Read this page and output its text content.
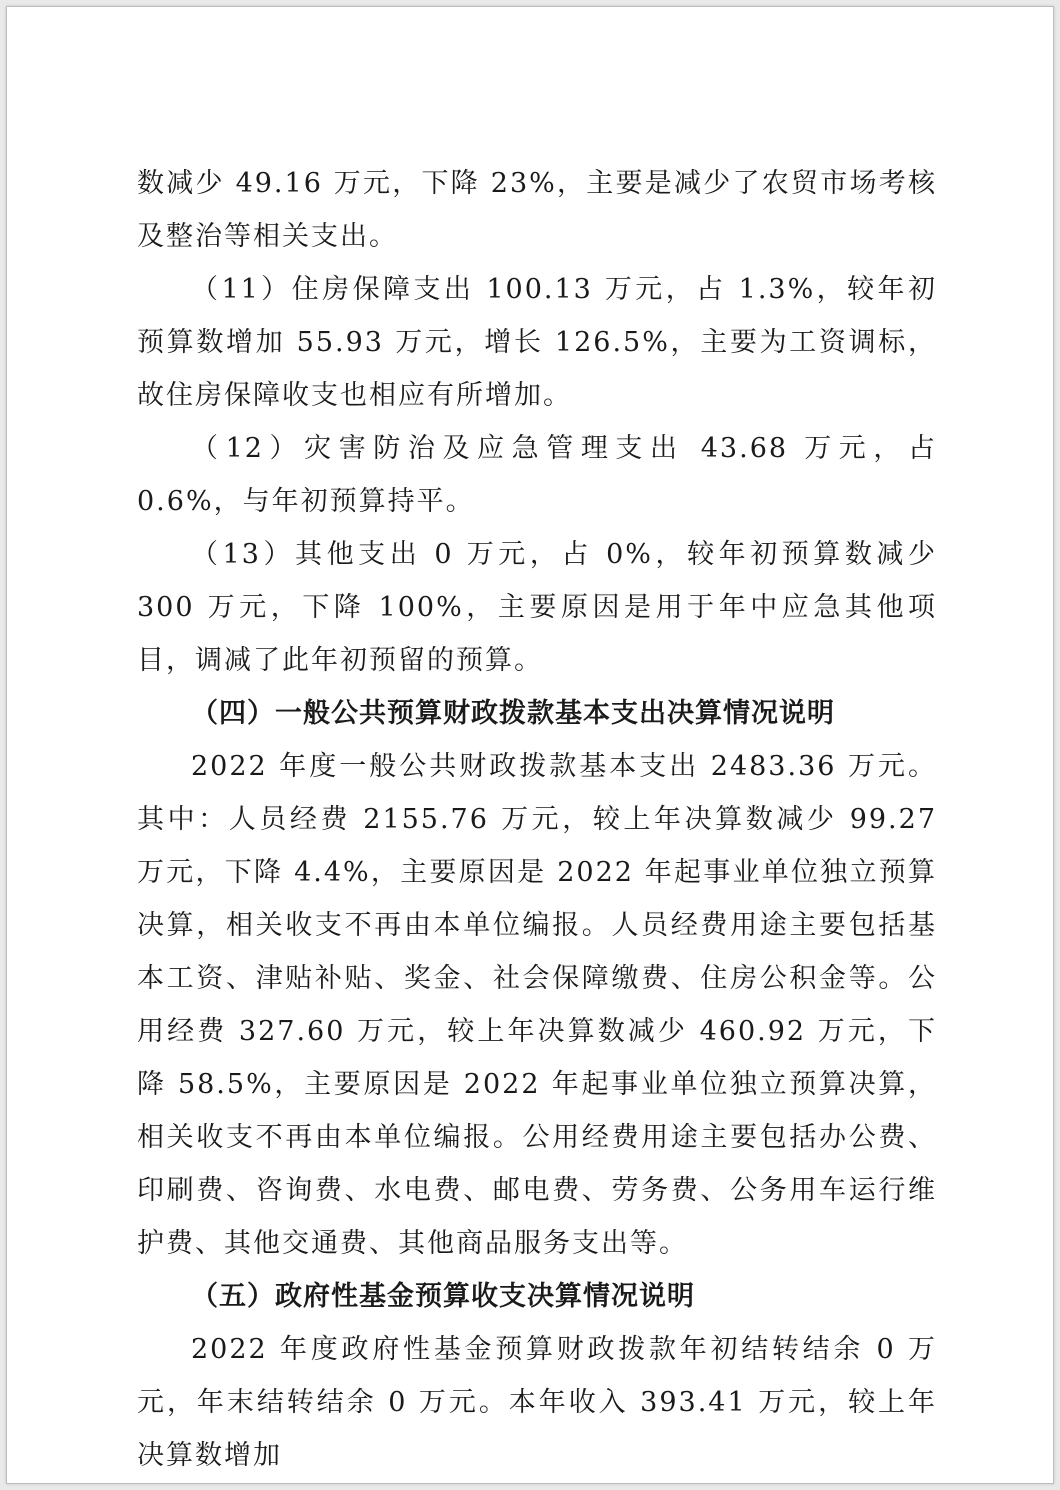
数减少 49.16 万元，下降 23%，主要是减少了农贸市场考核及整治等相关支出。

（11）住房保障支出 100.13 万元，占 1.3%，较年初预算数增加 55.93 万元，增长 126.5%，主要为工资调标，故住房保障收支也相应有所增加。

（12）灾害防治及应急管理支出 43.68 万元，占 0.6%，与年初预算持平。

（13）其他支出 0 万元，占 0%，较年初预算数减少 300 万元，下降 100%，主要原因是用于年中应急其他项目，调减了此年初预留的预算。

（四）一般公共预算财政拨款基本支出决算情况说明

2022 年度一般公共财政拨款基本支出 2483.36 万元。其中：人员经费 2155.76 万元，较上年决算数减少 99.27 万元，下降 4.4%，主要原因是 2022 年起事业单位独立预算决算，相关收支不再由本单位编报。人员经费用途主要包括基本工资、津贴补贴、奖金、社会保障缴费、住房公积金等。公用经费 327.60 万元，较上年决算数减少 460.92 万元，下降 58.5%，主要原因是 2022 年起事业单位独立预算决算，相关收支不再由本单位编报。公用经费用途主要包括办公费、印刷费、咨询费、水电费、邮电费、劳务费、公务用车运行维护费、其他交通费、其他商品服务支出等。

（五）政府性基金预算收支决算情况说明

2022 年度政府性基金预算财政拨款年初结转结余 0 万元，年末结转结余 0 万元。本年收入 393.41 万元，较上年决算数增加
